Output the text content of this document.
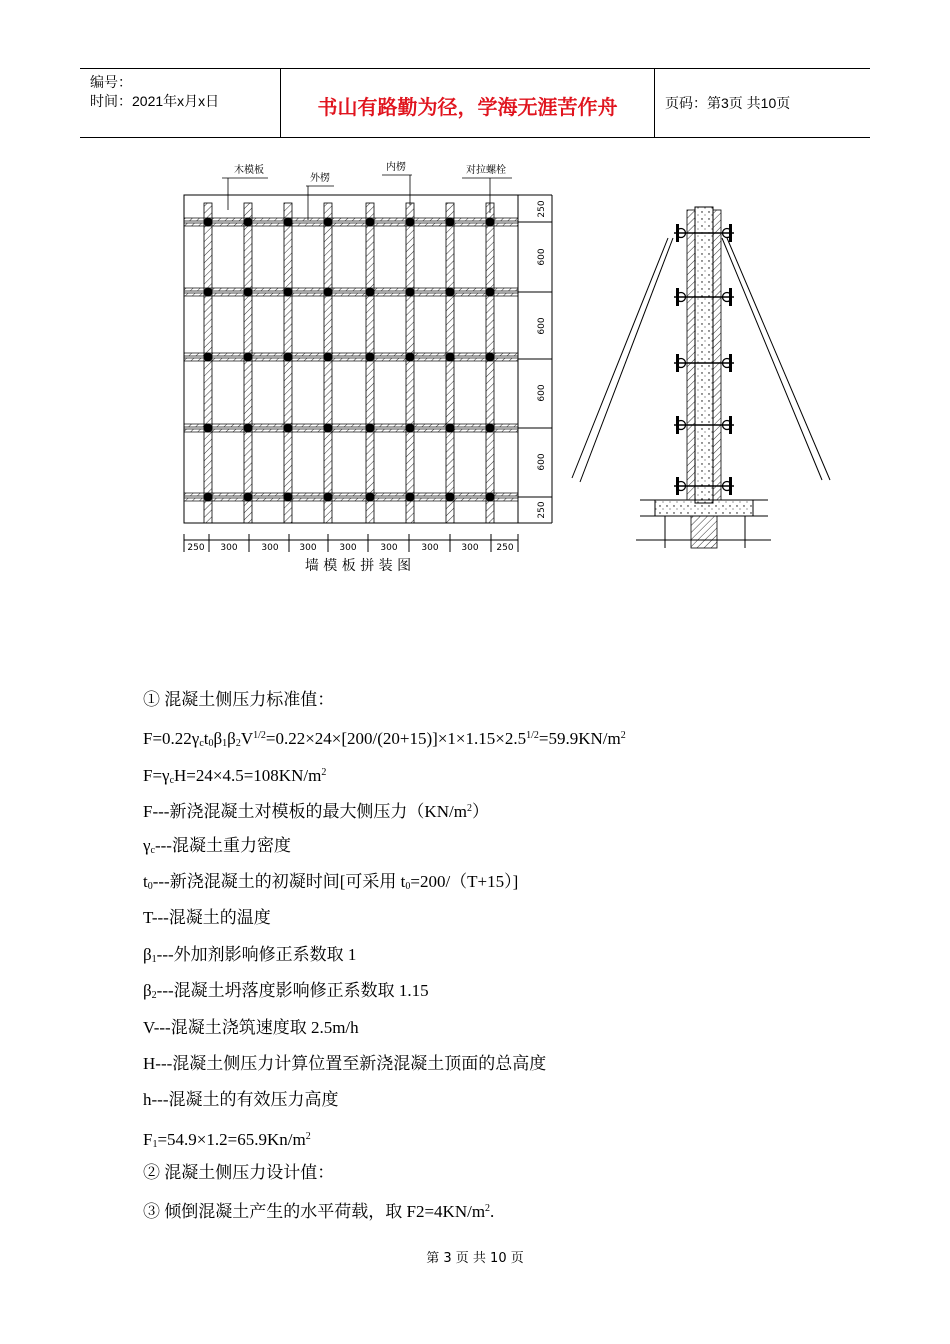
编号：
时间：2021年x月x日	书山有路勤为径，学海无涯苦作舟	页码：第3页 共10页
250
600
600
600
600
250
250 300	300 300	300	300	300	300 250
木模板
外楞
内楞	对拉螺栓
墙 模 板 拼 装 图
① 混凝土侧压力标准值：
$F=0.22\gamma_ct_0\beta_1\beta_2V^{1/2}=0.22\times 24\times[200/(20+15)]\times 1\times 1.15\times 2.5^{1/2}=59.9KN/m^2$
$F=\gamma_cH=24\times 4.5=108KN/m^2$
F---新浇混凝土对模板的最大侧压力$(KN/m^2)$
$\gamma_c---$混凝土重力密度
$t_0---$新浇混凝土的初凝时间[可采用 $t_0=200/(T+15)$]
T---混凝土的温度
$\beta_1---$外加剂影响修正系数取 1
$\beta_2---$混凝土坍落度影响修正系数取 1.15
V---混凝土浇筑速度取 2.5m/h
H---混凝土侧压力计算位置至新浇混凝土顶面的总高度
h---混凝土的有效压力高度
$F_1=54.9\times 1.2=65.9Kn/m^2$
② 混凝土侧压力设计值：
③ 倾倒混凝土产生的水平荷载，取 $F2=4KN/m^2$.
第 3 页 共 10 页
